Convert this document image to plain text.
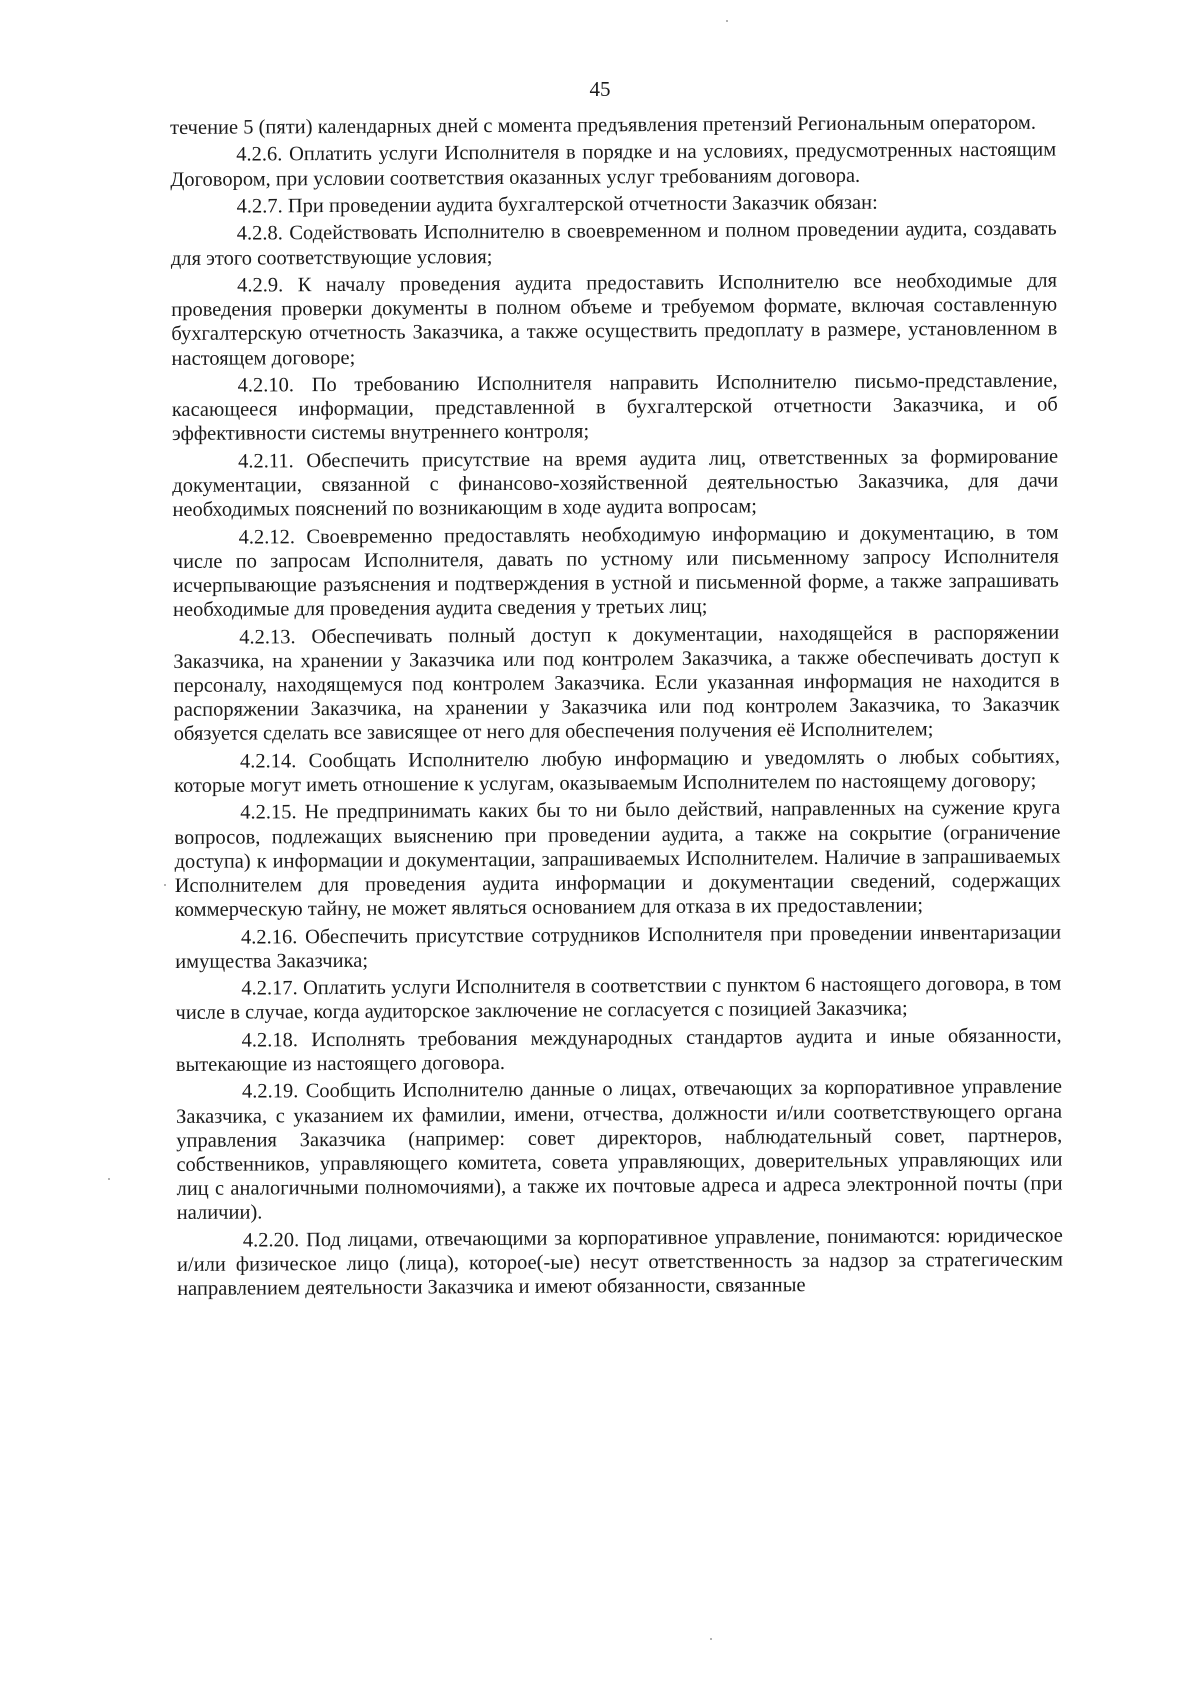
45

течение 5 (пяти) календарных дней с момента предъявления претензий Региональным оператором.

4.2.6. Оплатить услуги Исполнителя в порядке и на условиях, предусмотренных настоящим Договором, при условии соответствия оказанных услуг требованиям договора.

4.2.7. При проведении аудита бухгалтерской отчетности Заказчик обязан:

4.2.8. Содействовать Исполнителю в своевременном и полном проведении аудита, создавать для этого соответствующие условия;

4.2.9. К началу проведения аудита предоставить Исполнителю все необходимые для проведения проверки документы в полном объеме и требуемом формате, включая составленную бухгалтерскую отчетность Заказчика, а также осуществить предоплату в размере, установленном в настоящем договоре;

4.2.10. По требованию Исполнителя направить Исполнителю письмо-представление, касающееся информации, представленной в бухгалтерской отчетности Заказчика, и об эффективности системы внутреннего контроля;

4.2.11. Обеспечить присутствие на время аудита лиц, ответственных за формирование документации, связанной с финансово-хозяйственной деятельностью Заказчика, для дачи необходимых пояснений по возникающим в ходе аудита вопросам;

4.2.12. Своевременно предоставлять необходимую информацию и документацию, в том числе по запросам Исполнителя, давать по устному или письменному запросу Исполнителя исчерпывающие разъяснения и подтверждения в устной и письменной форме, а также запрашивать необходимые для проведения аудита сведения у третьих лиц;

4.2.13. Обеспечивать полный доступ к документации, находящейся в распоряжении Заказчика, на хранении у Заказчика или под контролем Заказчика, а также обеспечивать доступ к персоналу, находящемуся под контролем Заказчика. Если указанная информация не находится в распоряжении Заказчика, на хранении у Заказчика или под контролем Заказчика, то Заказчик обязуется сделать все зависящее от него для обеспечения получения её Исполнителем;

4.2.14. Сообщать Исполнителю любую информацию и уведомлять о любых событиях, которые могут иметь отношение к услугам, оказываемым Исполнителем по настоящему договору;

4.2.15. Не предпринимать каких бы то ни было действий, направленных на сужение круга вопросов, подлежащих выяснению при проведении аудита, а также на сокрытие (ограничение доступа) к информации и документации, запрашиваемых Исполнителем. Наличие в запрашиваемых Исполнителем для проведения аудита информации и документации сведений, содержащих коммерческую тайну, не может являться основанием для отказа в их предоставлении;

4.2.16. Обеспечить присутствие сотрудников Исполнителя при проведении инвентаризации имущества Заказчика;

4.2.17. Оплатить услуги Исполнителя в соответствии с пунктом 6 настоящего договора, в том числе в случае, когда аудиторское заключение не согласуется с позицией Заказчика;

4.2.18. Исполнять требования международных стандартов аудита и иные обязанности, вытекающие из настоящего договора.

4.2.19. Сообщить Исполнителю данные о лицах, отвечающих за корпоративное управление Заказчика, с указанием их фамилии, имени, отчества, должности и/или соответствующего органа управления Заказчика (например: совет директоров, наблюдательный совет, партнеров, собственников, управляющего комитета, совета управляющих, доверительных управляющих или лиц с аналогичными полномочиями), а также их почтовые адреса и адреса электронной почты (при наличии).

4.2.20. Под лицами, отвечающими за корпоративное управление, понимаются: юридическое и/или физическое лицо (лица), которое(-ые) несут ответственность за надзор за стратегическим направлением деятельности Заказчика и имеют обязанности, связанные
